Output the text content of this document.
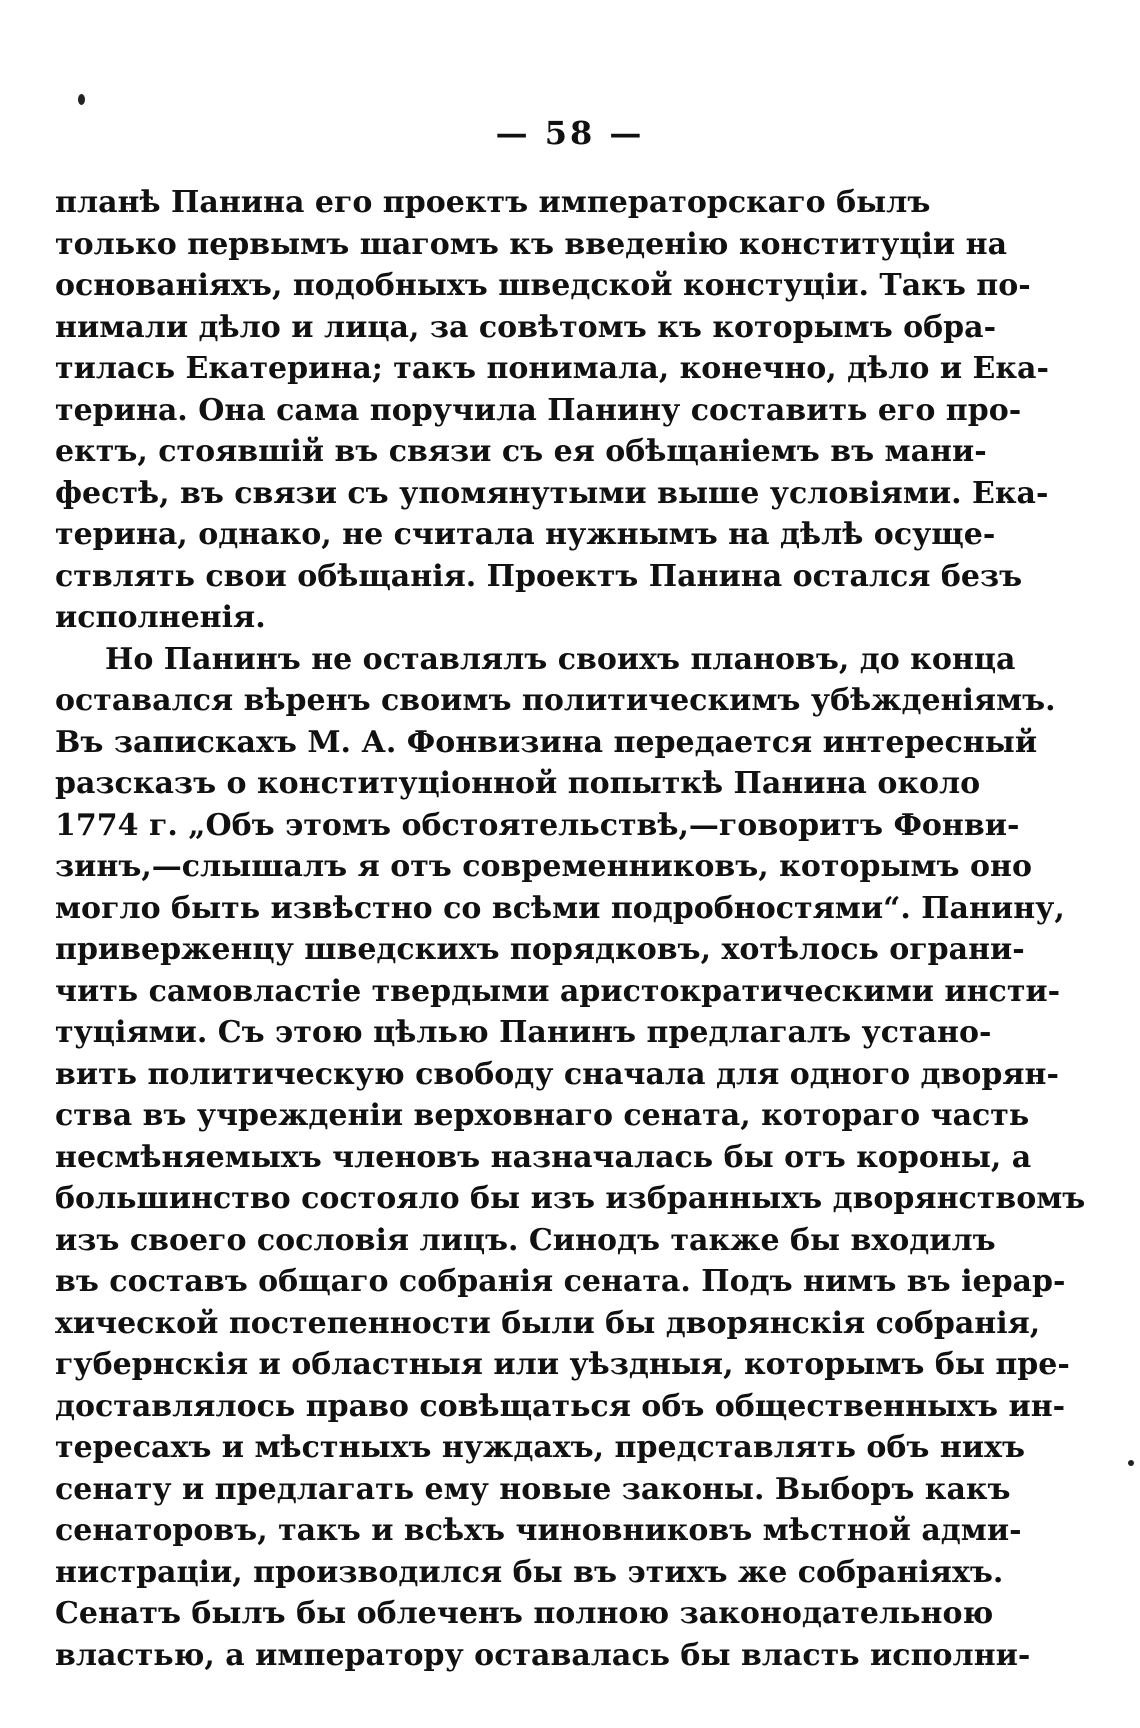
— 58 —
планѣ Панина его проектъ императорскаго былъ
только первымъ шагомъ къ введенію конституціи на
основаніяхъ, подобныхъ шведской констуціи. Такъ по-
нимали дѣло и лица, за совѣтомъ къ которымъ обра-
тилась Екатерина; такъ понимала, конечно, дѣло и Ека-
терина. Она сама поручила Панину составить его про-
ектъ, стоявшій въ связи съ ея обѣщаніемъ въ мани-
фестѣ, въ связи съ упомянутыми выше условіями. Ека-
терина, однако, не считала нужнымъ на дѣлѣ осуще-
ствлять свои обѣщанія. Проектъ Панина остался безъ
исполненія.
Но Панинъ не оставлялъ своихъ плановъ, до конца
оставался вѣренъ своимъ политическимъ убѣжденіямъ.
Въ запискахъ М. А. Фонвизина передается интересный
разсказъ о конституціонной попыткѣ Панина около
1774 г. „Объ этомъ обстоятельствѣ,—говоритъ Фонви-
зинъ,—слышалъ я отъ современниковъ, которымъ оно
могло быть извѣстно со всѣми подробностями“. Панину,
приверженцу шведскихъ порядковъ, хотѣлось ограни-
чить самовластіе твердыми аристократическими инсти-
туціями. Съ этою цѣлью Панинъ предлагалъ устано-
вить политическую свободу сначала для одного дворян-
ства въ учрежденіи верховнаго сената, котораго часть
несмѣняемыхъ членовъ назначалась бы отъ короны, а
большинство состояло бы изъ избранныхъ дворянствомъ
изъ своего сословія лицъ. Синодъ также бы входилъ
въ составъ общаго собранія сената. Подъ нимъ въ іерар-
хической постепенности были бы дворянскія собранія,
губернскія и областныя или уѣздныя, которымъ бы пре-
доставлялось право совѣщаться объ общественныхъ ин-
тересахъ и мѣстныхъ нуждахъ, представлять объ нихъ
сенату и предлагать ему новые законы. Выборъ какъ
сенаторовъ, такъ и всѣхъ чиновниковъ мѣстной адми-
нистраціи, производился бы въ этихъ же собраніяхъ.
Сенатъ былъ бы облеченъ полною законодательною
властью, а императору оставалась бы власть исполни-
